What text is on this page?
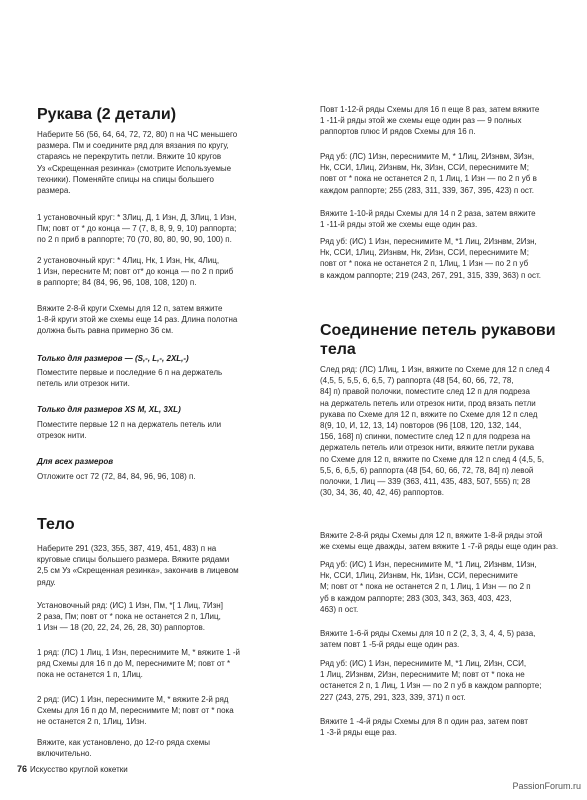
Рукава (2 детали)

Наберите 56 (56, 64, 64, 72, 72, 80) п на ЧС меньшего
размера. Пм и соедините ряд для вязания по кругу,
стараясь не перекрутить петли. Вяжите 10 кругов
Уз «Скрещенная резинка» (смотрите Используемые
техники). Поменяйте спицы на спицы большего
размера.

1 установочный круг: * 3Лиц, Д, 1 Изн, Д, 3Лиц, 1 Изн,
Пм; повт от * до конца — 7 (7, 8, 8, 9, 9, 10) раппорта;
по 2 п приб в раппорте; 70 (70, 80, 80, 90, 90, 100) п.

2 установочный круг: * 4Лиц, Нк, 1 Изн, Нк, 4Лиц,
1 Изн, пересните М; повт от* до конца — по 2 п приб
в раппорте; 84 (84, 96, 96, 108, 108, 120) п.

Вяжите 2-8-й круги Схемы для 12 п, затем вяжите
1-8-й круги этой же схемы еще 14 раз. Длина полотна
должна быть равна примерно 36 см.

Только для размеров — (S,-, L,-, 2XL,-)

Поместите первые и последние 6 п на держатель
петель или отрезок нити.

Только для размеров XS M, XL, 3XL)

Поместите первые 12 п на держатель петель или
отрезок нити.

Для всех размеров

Отложите ост 72 (72, 84, 84, 96, 96, 108) п.

Тело

Наберите 291 (323, 355, 387, 419, 451, 483) п на
круговые спицы большего размера. Вяжите рядами
2,5 см Уз «Скрещенная резинка», закончив в лицевом
ряду.

Установочный ряд: (ИС) 1 Изн, Пм, *[ 1 Лиц, 7Изн]
2 раза, Пм; повт от * пока не останется 2 п, 1Лиц,
1 Изн — 18 (20, 22, 24, 26, 28, 30) раппортов.

1 ряд: (ЛС) 1 Лиц, 1 Изн, переснимите М, * вяжите 1 -й
ряд Схемы для 16 п до М, переснимите М; повт от *
пока не останется 1 п, 1Лиц.

2 ряд: (ИС) 1 Изн, переснимите М, * вяжите 2-й ряд
Схемы для 16 п до М, переснимите М; повт от * пока
не останется 2 п, 1Лиц, 1Изн.

Вяжите, как установлено, до 12-го ряда схемы
включительно.

Повт 1-12-й ряды Схемы для 16 п еще 8 раз, затем вяжите
1 -11-й ряды этой же схемы еще один раз — 9 полных
раппортов плюс И рядов Схемы для 16 п.

Ряд уб: (ЛС) 1Изн, переснимите М, * 1Лиц, 2Изнвм, 3Изн,
Нк, ССИ, 1Лиц, 2Изнвм, Нк, 3Изн, ССИ, переснимите М;
повт от * пока не останется 2 п, 1 Лиц, 1 Изн — по 2 п уб в
каждом раппорте; 255 (283, 311, 339, 367, 395, 423) п ост.

Вяжите 1-10-й ряды Схемы для 14 п 2 раза, затем вяжите
1 -11-й ряды этой же схемы еще один раз.

Ряд уб: (ИС) 1 Изн, переснимите М, *1 Лиц, 2Изнвм, 2Изн,
Нк, ССИ, 1Лиц, 2Изнвм, Нк, 2Изн, ССИ, переснимите М;
повт от * пока не останется 2 п, 1Лиц, 1 Изн — по 2 п уб
в каждом раппорте; 219 (243, 267, 291, 315, 339, 363) п ост.

Соединение петель рукавови тела

След ряд: (ЛС) 1Лиц, 1 Изн, вяжите по Схеме для 12 п след 4
(4,5, 5, 5,5, 6, 6,5, 7) раппорта (48 [54, 60, 66, 72, 78,
84] п) правой полочки, поместите след 12 п для подреза
на держатель петель или отрезок нити, прод вязать петли
рукава по Схеме для 12 п, вяжите по Схеме для 12 п след
8(9, 10, И, 12, 13, 14) повторов (96 [108, 120, 132, 144,
156, 168] п) спинки, поместите след 12 п для подреза на
держатель петель или отрезок нити, вяжите петли рукава
по Схеме для 12 п, вяжите по Схеме для 12 п след 4 (4,5, 5,
5,5, 6, 6,5, 6) раппорта (48 [54, 60, 66, 72, 78, 84] п) левой
полочки, 1 Лиц — 339 (363, 411, 435, 483, 507, 555) п; 28
(30, 34, 36, 40, 42, 46) раппортов.

Вяжите 2-8-й ряды Схемы для 12 п, вяжите 1-8-й ряды этой
же схемы еще дважды, затем вяжите 1 -7-й ряды еще один раз.

Ряд уб: (ИС) 1 Изн, переснимите М, *1 Лиц, 2Изнвм, 1Изн,
Нк, ССИ, 1Лиц, 2Изнвм, Нк, 1Изн, ССИ, переснимите
М; повт от * пока не останется 2 п, 1 Лиц, 1 Изн — по 2 п
уб в каждом раппорте; 283 (303, 343, 363, 403, 423,
463) п ост.

Вяжите 1-6-й ряды Схемы для 10 п 2 (2, 3, 3, 4, 4, 5) раза,
затем повт 1 -5-й ряды еще один раз.

Ряд уб: (ИС) 1 Изн, переснимите М, *1 Лиц, 2Изн, ССИ,
1 Лиц, 2Изнвм, 2Изн, переснимите М; повт от * пока не
останется 2 п, 1 Лиц, 1 Изн — по 2 п уб в каждом раппорте;
227 (243, 275, 291, 323, 339, 371) п ост.

Вяжите 1 -4-й ряды Схемы для 8 п один раз, затем повт
1 -3-й ряды еще раз.

76 Искусство круглой кокетки
PassionForum.ru
